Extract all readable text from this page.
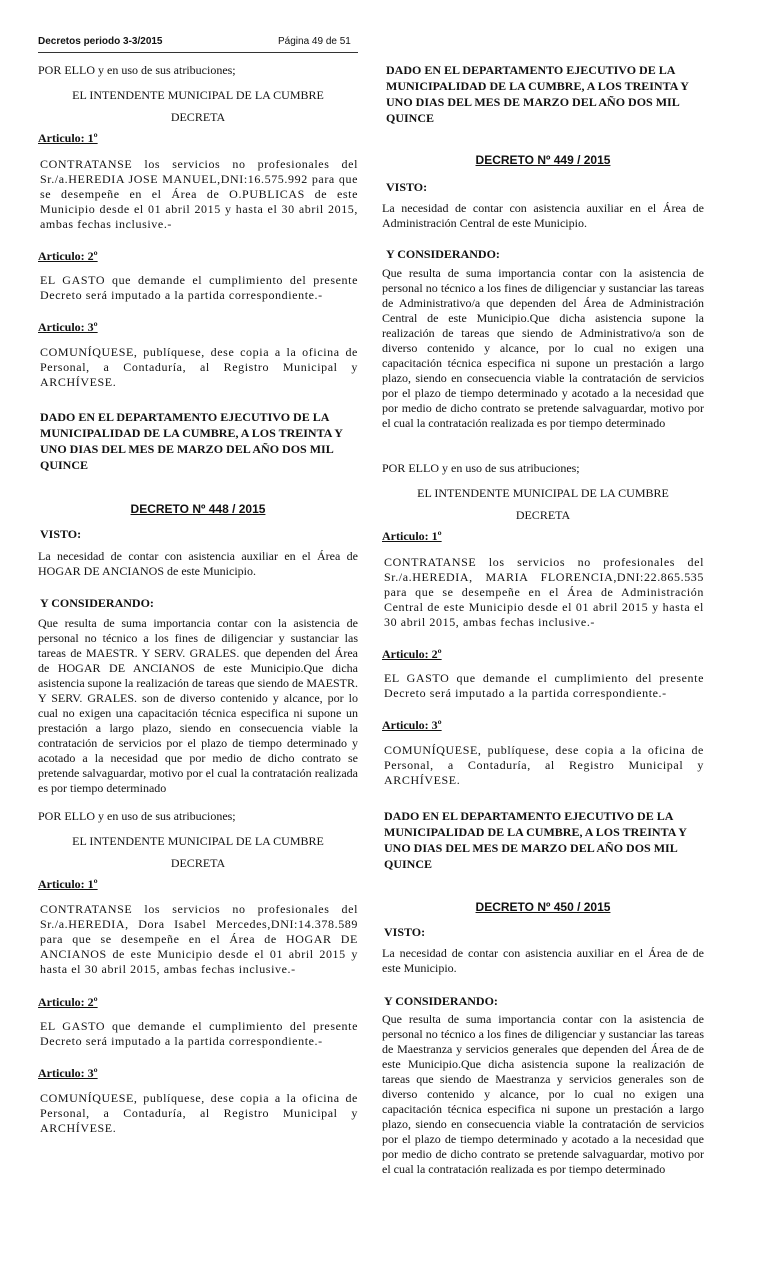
Decretos periodo 3-3/2015	Página 49 de 51
POR ELLO y en uso de sus atribuciones;
EL INTENDENTE MUNICIPAL DE LA CUMBRE
DECRETA
Articulo: 1º
CONTRATANSE los servicios no profesionales del Sr./a.HEREDIA JOSE MANUEL,DNI:16.575.992 para que se desempeñe en el Área de O.PUBLICAS de este Municipio desde el 01 abril 2015 y hasta el 30 abril 2015, ambas fechas inclusive.-
Articulo: 2º
EL GASTO que demande el cumplimiento del presente Decreto será imputado a la partida correspondiente.-
Articulo: 3º
COMUNÍQUESE, publíquese, dese copia a la oficina de Personal, a Contaduría, al Registro Municipal y ARCHÍVESE.
DADO EN EL DEPARTAMENTO EJECUTIVO DE LA MUNICIPALIDAD DE LA CUMBRE, A LOS TREINTA Y UNO DIAS DEL MES DE MARZO DEL AÑO DOS MIL QUINCE
DECRETO Nº 448 / 2015
VISTO:
La necesidad de contar con asistencia auxiliar en el Área de HOGAR DE ANCIANOS de este Municipio.
Y CONSIDERANDO:
Que resulta de suma importancia contar con la asistencia de personal no técnico a los fines de diligenciar y sustanciar las tareas de MAESTR. Y SERV. GRALES. que dependen del Área de HOGAR DE ANCIANOS de este Municipio.Que dicha asistencia supone la realización de tareas que siendo de MAESTR. Y SERV. GRALES. son de diverso contenido y alcance, por lo cual no exigen una capacitación técnica especifica ni supone un prestación a largo plazo, siendo en consecuencia viable la contratación de servicios por el plazo de tiempo determinado y acotado a la necesidad que por medio de dicho contrato se pretende salvaguardar, motivo por el cual la contratación realizada es por tiempo determinado
POR ELLO y en uso de sus atribuciones;
EL INTENDENTE MUNICIPAL DE LA CUMBRE
DECRETA
Articulo: 1º
CONTRATANSE los servicios no profesionales del Sr./a.HEREDIA, Dora Isabel Mercedes,DNI:14.378.589 para que se desempeñe en el Área de HOGAR DE ANCIANOS de este Municipio desde el 01 abril 2015 y hasta el 30 abril 2015, ambas fechas inclusive.-
Articulo: 2º
EL GASTO que demande el cumplimiento del presente Decreto será imputado a la partida correspondiente.-
Articulo: 3º
COMUNÍQUESE, publíquese, dese copia a la oficina de Personal, a Contaduría, al Registro Municipal y ARCHÍVESE.
DADO EN EL DEPARTAMENTO EJECUTIVO DE LA MUNICIPALIDAD DE LA CUMBRE, A LOS TREINTA Y UNO DIAS DEL MES DE MARZO DEL AÑO DOS MIL QUINCE
DECRETO Nº 449 / 2015
VISTO:
La necesidad de contar con asistencia auxiliar en el Área de Administración Central de este Municipio.
Y CONSIDERANDO:
Que resulta de suma importancia contar con la asistencia de personal no técnico a los fines de diligenciar y sustanciar las tareas de Administrativo/a que dependen del Área de Administración Central de este Municipio.Que dicha asistencia supone la realización de tareas que siendo de Administrativo/a son de diverso contenido y alcance, por lo cual no exigen una capacitación técnica especifica ni supone un prestación a largo plazo, siendo en consecuencia viable la contratación de servicios por el plazo de tiempo determinado y acotado a la necesidad que por medio de dicho contrato se pretende salvaguardar, motivo por el cual la contratación realizada es por tiempo determinado
POR ELLO y en uso de sus atribuciones;
EL INTENDENTE MUNICIPAL DE LA CUMBRE
DECRETA
Articulo: 1º
CONTRATANSE los servicios no profesionales del Sr./a.HEREDIA, MARIA FLORENCIA,DNI:22.865.535 para que se desempeñe en el Área de Administración Central de este Municipio desde el 01 abril 2015 y hasta el 30 abril 2015, ambas fechas inclusive.-
Articulo: 2º
EL GASTO que demande el cumplimiento del presente Decreto será imputado a la partida correspondiente.-
Articulo: 3º
COMUNÍQUESE, publíquese, dese copia a la oficina de Personal, a Contaduría, al Registro Municipal y ARCHÍVESE.
DADO EN EL DEPARTAMENTO EJECUTIVO DE LA MUNICIPALIDAD DE LA CUMBRE, A LOS TREINTA Y UNO DIAS DEL MES DE MARZO DEL AÑO DOS MIL QUINCE
DECRETO Nº 450 / 2015
VISTO:
La necesidad de contar con asistencia auxiliar en el Área de de este Municipio.
Y CONSIDERANDO:
Que resulta de suma importancia contar con la asistencia de personal no técnico a los fines de diligenciar y sustanciar las tareas de Maestranza y servicios generales que dependen del Área de de este Municipio.Que dicha asistencia supone la realización de tareas que siendo de Maestranza y servicios generales son de diverso contenido y alcance, por lo cual no exigen una capacitación técnica especifica ni supone un prestación a largo plazo, siendo en consecuencia viable la contratación de servicios por el plazo de tiempo determinado y acotado a la necesidad que por medio de dicho contrato se pretende salvaguardar, motivo por el cual la contratación realizada es por tiempo determinado
